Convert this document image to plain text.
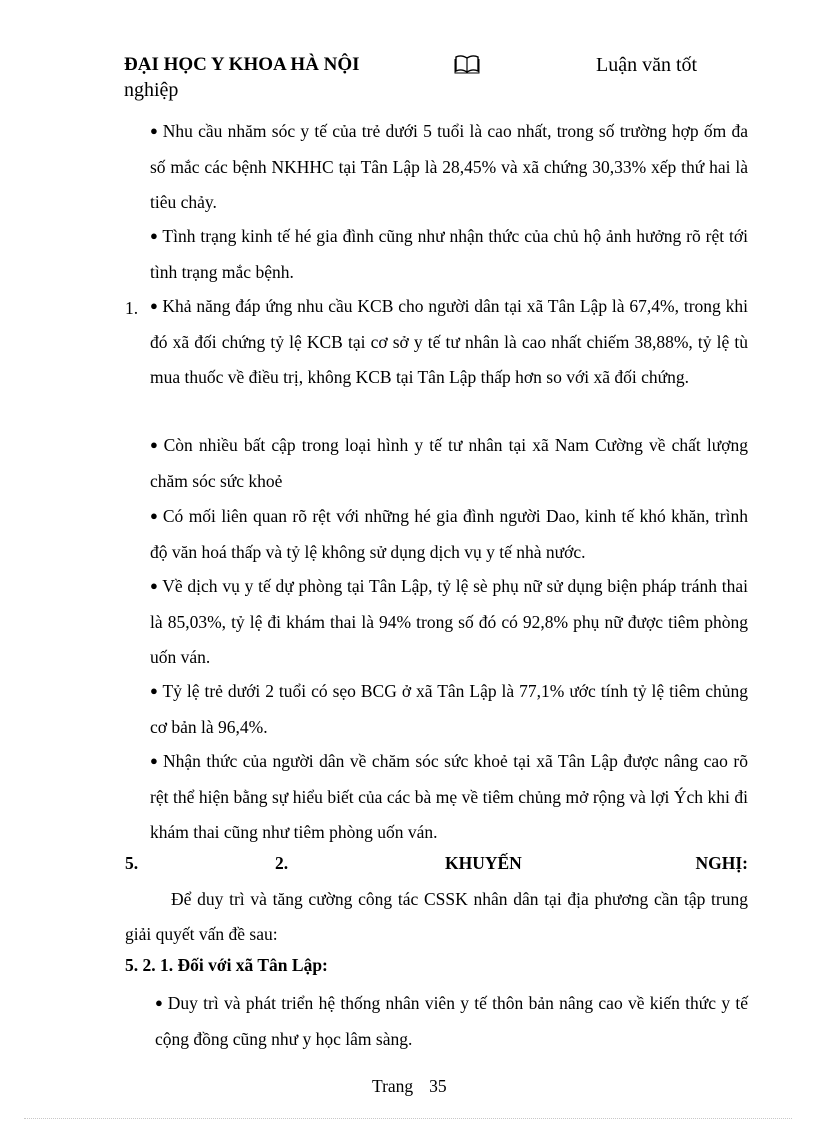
ĐẠI HỌC Y KHOA HÀ NỘI	Luận văn tốt
nghiệp
● Nhu cầu nhăm sóc y tế của trẻ dưới 5 tuổi là cao nhất, trong số trường hợp ốm đa số mắc các bệnh NKHHC tại Tân Lập là 28,45% và xã chứng 30,33% xếp thứ hai là tiêu chảy.
● Tình trạng kinh tế hé gia đình cũng như nhận thức của chủ hộ ảnh hưởng rõ rệt tới tình trạng mắc bệnh.
1. ● Khả năng đáp ứng nhu cầu KCB cho người dân tại xã Tân Lập là 67,4%, trong khi đó xã đối chứng tỷ lệ KCB tại cơ sở y tế tư nhân là cao nhất chiếm 38,88%, tỷ lệ tù mua thuốc về điều trị, không KCB tại Tân Lập thấp hơn so với xã đối chứng.
● Còn nhiều bất cập trong loại hình y tế tư nhân tại xã Nam Cường về chất lượng chăm sóc sức khoẻ
● Có mối liên quan rõ rệt với những hé gia đình người Dao, kinh tế khó khăn, trình độ văn hoá thấp và tỷ lệ không sử dụng dịch vụ y tế nhà nước.
● Về dịch vụ y tế dự phòng tại Tân Lập, tỷ lệ sè phụ nữ sử dụng biện pháp tránh thai là 85,03%, tỷ lệ đi khám thai là 94% trong số đó có 92,8% phụ nữ được tiêm phòng uốn ván.
● Tỷ lệ trẻ dưới 2 tuổi có sẹo BCG ở xã Tân Lập là 77,1% ước tính tỷ lệ tiêm chủng cơ bản là 96,4%.
● Nhận thức của người dân về chăm sóc sức khoẻ tại xã Tân Lập được nâng cao rõ rệt thể hiện bằng sự hiểu biết của các bà mẹ về tiêm chủng mở rộng và lợi Ých khi đi khám thai cũng như tiêm phòng uốn ván.
5.	2.	KHUYẾN	NGHỊ:
Để duy trì và tăng cường công tác CSSK nhân dân tại địa phương cần tập trung giải quyết vấn đề sau:
5. 2. 1. Đối với xã Tân Lập:
● Duy trì và phát triển hệ thống nhân viên y tế thôn bản nâng cao về kiến thức y tế cộng đồng cũng như y học lâm sàng.
Trang 35
